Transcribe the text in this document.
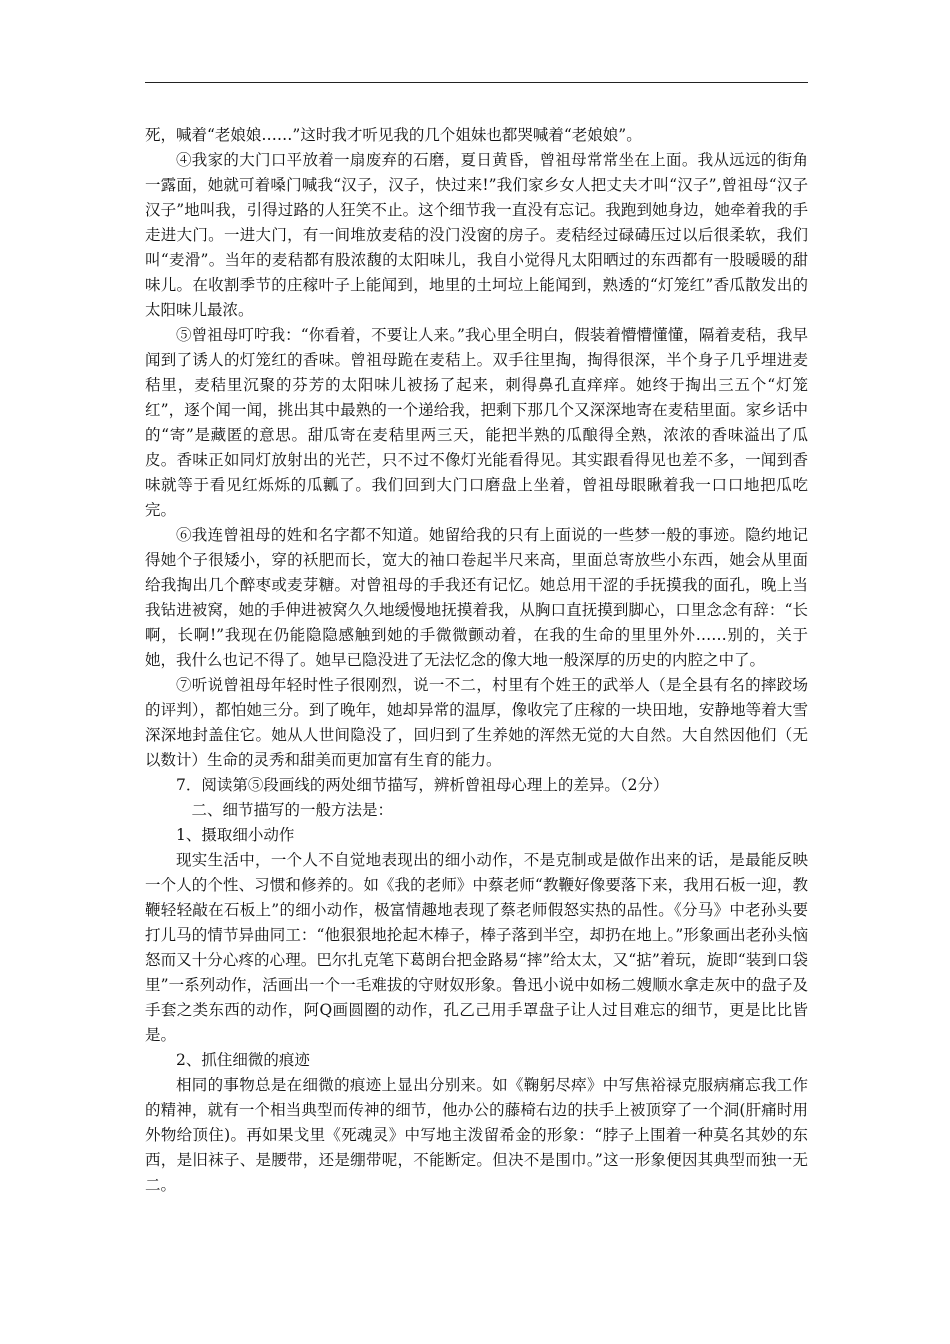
死，喊着“老娘娘……”这时我才听见我的几个姐妹也都哭喊着“老娘娘”。

④我家的大门口平放着一扇废弃的石磨，夏日黄昏，曾祖母常常坐在上面。我从远远的街角一露面，她就可着嗓门喊我“汉子，汉子，快过来!”我们家乡女人把丈夫才叫“汉子”,曾祖母“汉子汉子”地叫我，引得过路的人狂笑不止。这个细节我一直没有忘记。我跑到她身边，她牵着我的手走进大门。一进大门，有一间堆放麦秸的没门没窗的房子。麦秸经过碌碡压过以后很柔软，我们叫“麦滑”。当年的麦秸都有股浓馥的太阳味儿，我自小觉得凡太阳晒过的东西都有一股暖暖的甜味儿。在收割季节的庄稼叶子上能闻到，地里的土坷垃上能闻到，熟透的“灯笼红”香瓜散发出的太阳味儿最浓。

⑤曾祖母叮咛我：“你看着，不要让人来。”我心里全明白，假装着懵懵懂懂，隔着麦秸，我早闻到了诱人的灯笼红的香味。曾祖母跪在麦秸上。双手往里掏，掏得很深，半个身子几乎埋进麦秸里，麦秸里沉聚的芬芳的太阳味儿被扬了起来，刺得鼻孔直痒痒。她终于掏出三五个“灯笼红”，逐个闻一闻，挑出其中最熟的一个递给我，把剩下那几个又深深地寄在麦秸里面。家乡话中的“寄”是藏匿的意思。甜瓜寄在麦秸里两三天，能把半熟的瓜酿得全熟，浓浓的香味溢出了瓜皮。香味正如同灯放射出的光芒，只不过不像灯光能看得见。其实跟看得见也差不多，一闻到香味就等于看见红烁烁的瓜瓤了。我们回到大门口磨盘上坐着，曾祖母眼瞅着我一口口地把瓜吃完。

⑥我连曾祖母的姓和名字都不知道。她留给我的只有上面说的一些梦一般的事迹。隐约地记得她个子很矮小，穿的袄肥而长，宽大的袖口卷起半尺来高，里面总寄放些小东西，她会从里面给我掏出几个醉枣或麦芽糖。对曾祖母的手我还有记忆。她总用干涩的手抚摸我的面孔，晚上当我钻进被窝，她的手伸进被窝久久地缓慢地抚摸着我，从胸口直抚摸到脚心，口里念念有辞：“长啊，长啊!”我现在仍能隐隐感触到她的手微微颤动着，在我的生命的里里外外……别的，关于她，我什么也记不得了。她早已隐没进了无法忆念的像大地一般深厚的历史的内腔之中了。

⑦听说曾祖母年轻时性子很刚烈，说一不二，村里有个姓王的武举人（是全县有名的摔跤场的评判），都怕她三分。到了晚年，她却异常的温厚，像收完了庄稼的一块田地，安静地等着大雪深深地封盖住它。她从人世间隐没了，回归到了生养她的浑然无觉的大自然。大自然因他们（无以数计）生命的灵秀和甜美而更加富有生育的能力。

7．阅读第⑤段画线的两处细节描写，辨析曾祖母心理上的差异。（2分）

二、细节描写的一般方法是：

1、摄取细小动作

现实生活中，一个人不自觉地表现出的细小动作，不是克制或是做作出来的话，是最能反映一个人的个性、习惯和修养的。如《我的老师》中蔡老师“教鞭好像要落下来，我用石板一迎，教鞭轻轻敲在石板上”的细小动作，极富情趣地表现了蔡老师假怒实热的品性。《分马》中老孙头要打儿马的情节异曲同工：“他狠狠地抡起木棒子，棒子落到半空，却扔在地上。”形象画出老孙头恼怒而又十分心疼的心理。巴尔扎克笔下葛朗台把金路易“摔”给太太，又“掂”着玩，旋即“装到口袋里”一系列动作，活画出一个一毛难拔的守财奴形象。鲁迅小说中如杨二嫂顺水拿走灰中的盘子及手套之类东西的动作，阿Q画圆圈的动作，孔乙己用手罩盘子让人过目难忘的细节，更是比比皆是。

2、抓住细微的痕迹

相同的事物总是在细微的痕迹上显出分别来。如《鞠躬尽瘁》中写焦裕禄克服病痛忘我工作的精神，就有一个相当典型而传神的细节，他办公的藤椅右边的扶手上被顶穿了一个洞(肝痛时用外物给顶住)。再如果戈里《死魂灵》中写地主泼留希金的形象：“脖子上围着一种莫名其妙的东西，是旧袜子、是腰带，还是绷带呢，不能断定。但决不是围巾。”这一形象便因其典型而独一无二。
